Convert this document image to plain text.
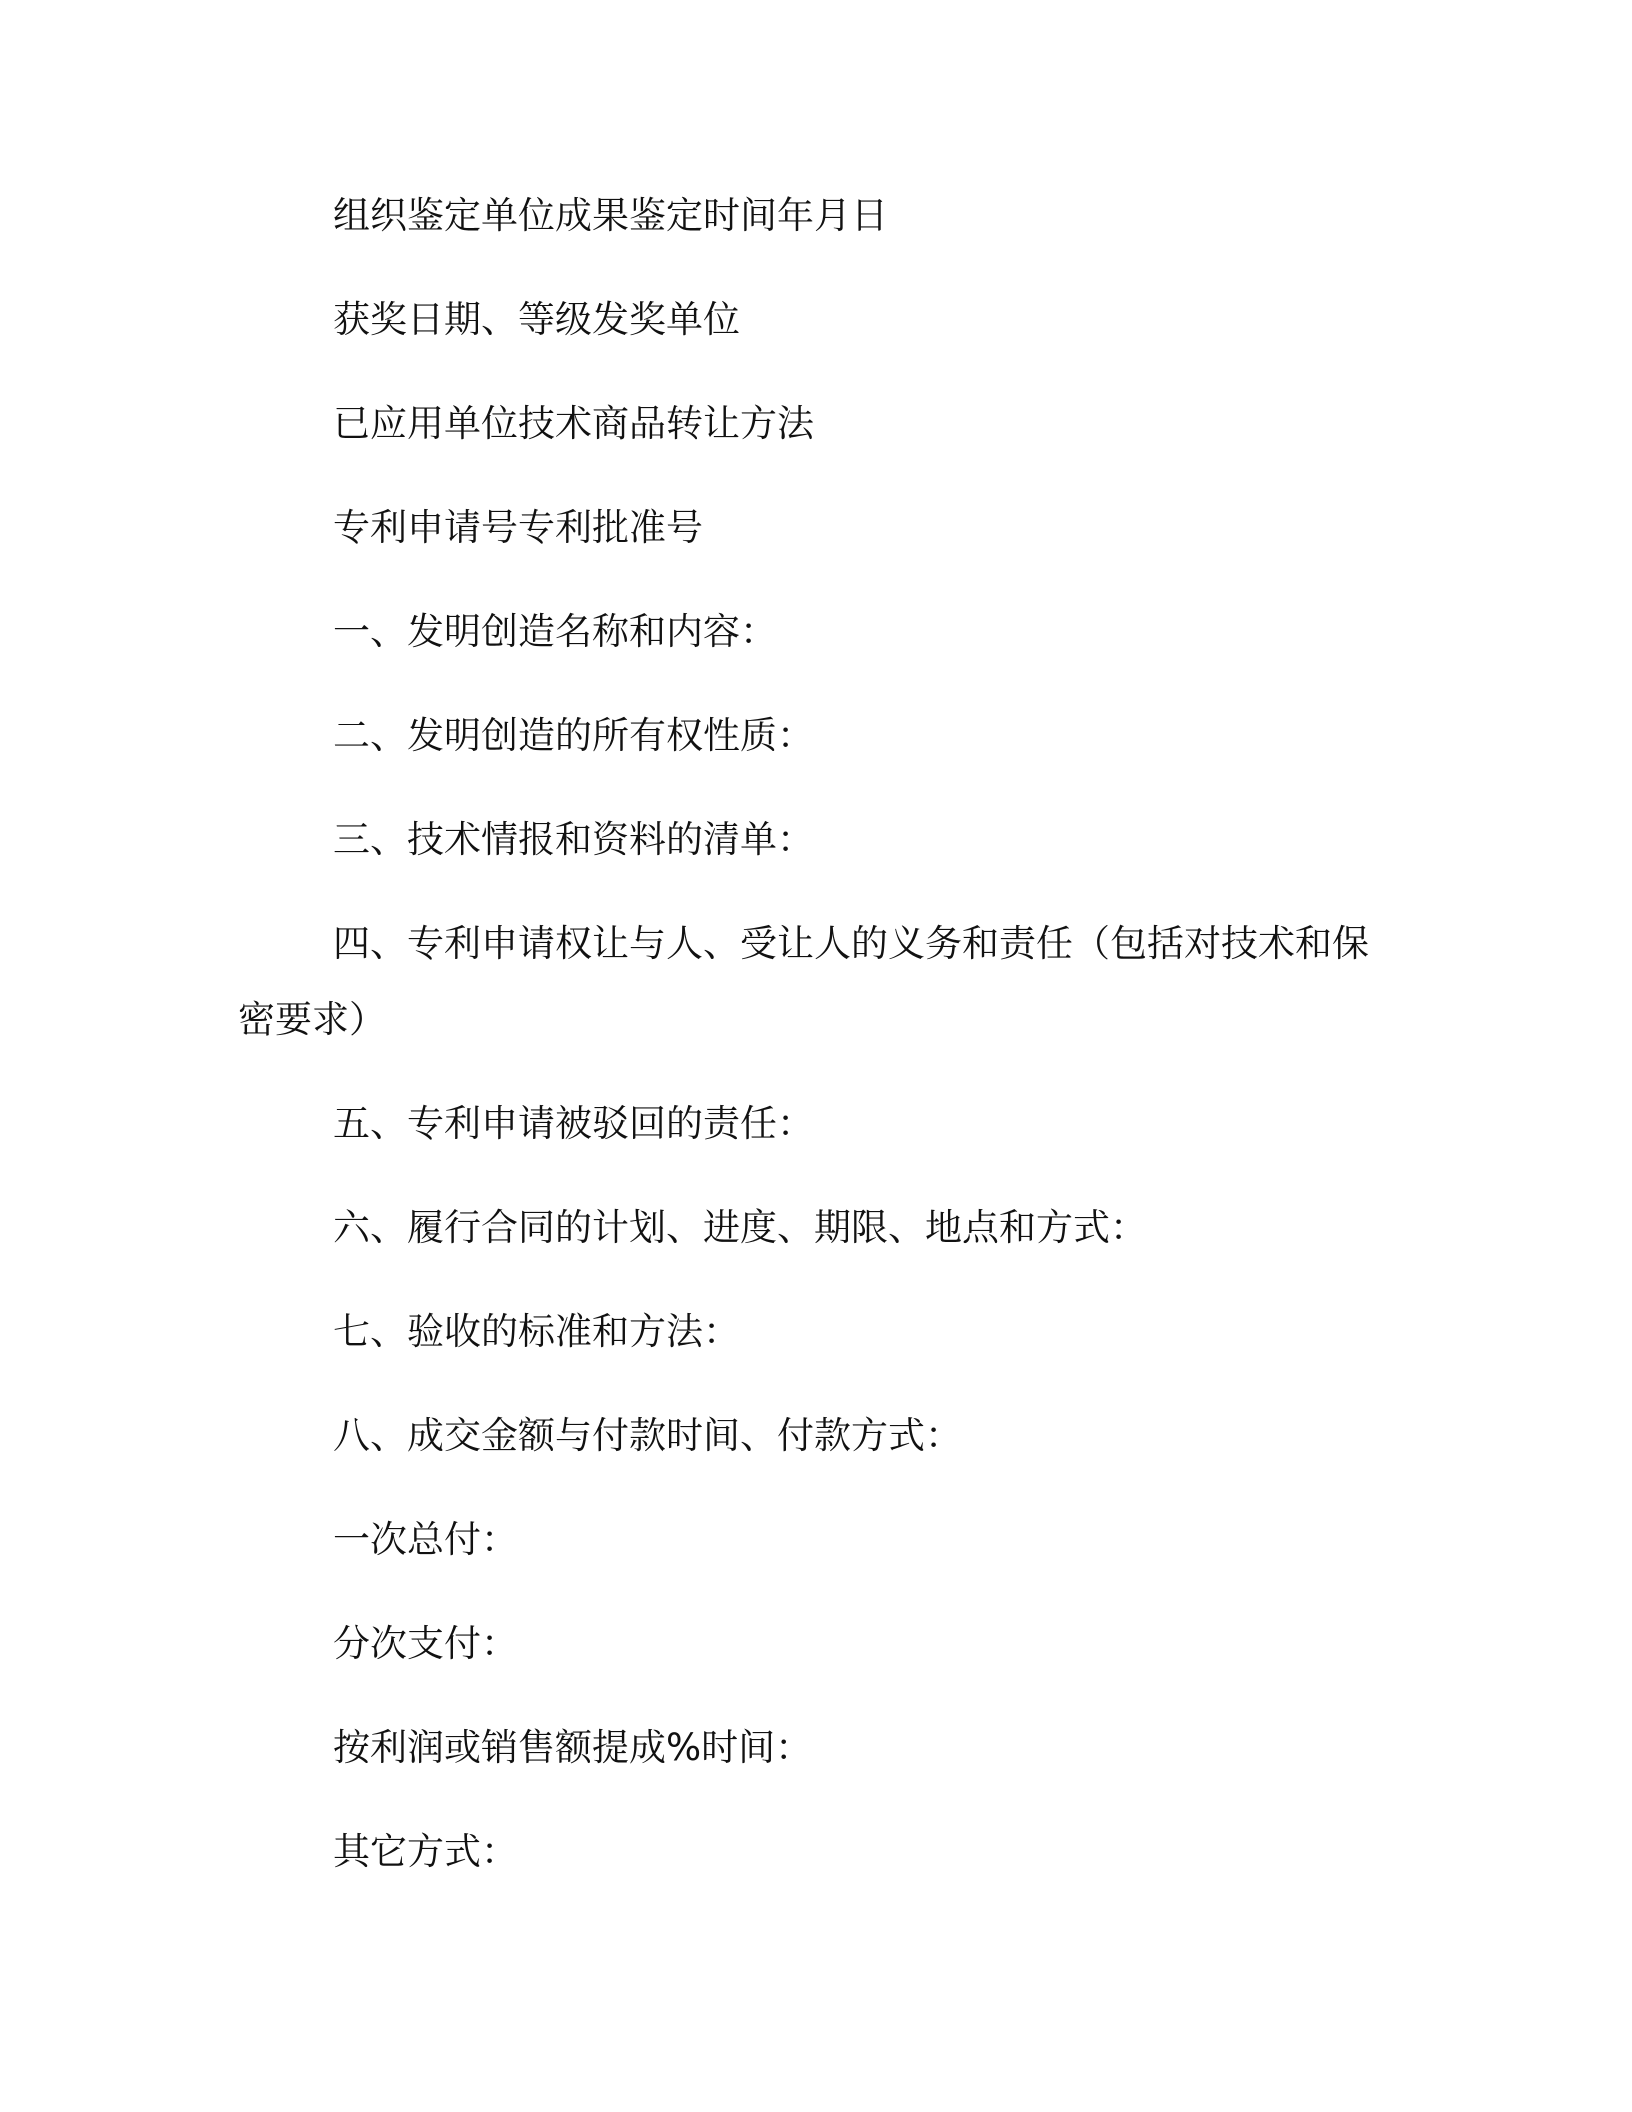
组织鉴定单位成果鉴定时间年月日
获奖日期、等级发奖单位
已应用单位技术商品转让方法
专利申请号专利批准号
一、发明创造名称和内容：
二、发明创造的所有权性质：
三、技术情报和资料的清单：
四、专利申请权让与人、受让人的义务和责任（包括对技术和保
密要求）
五、专利申请被驳回的责任：
六、履行合同的计划、进度、期限、地点和方式：
七、验收的标准和方法：
八、成交金额与付款时间、付款方式：
一次总付：
分次支付：
按利润或销售额提成%时间：
其它方式：
